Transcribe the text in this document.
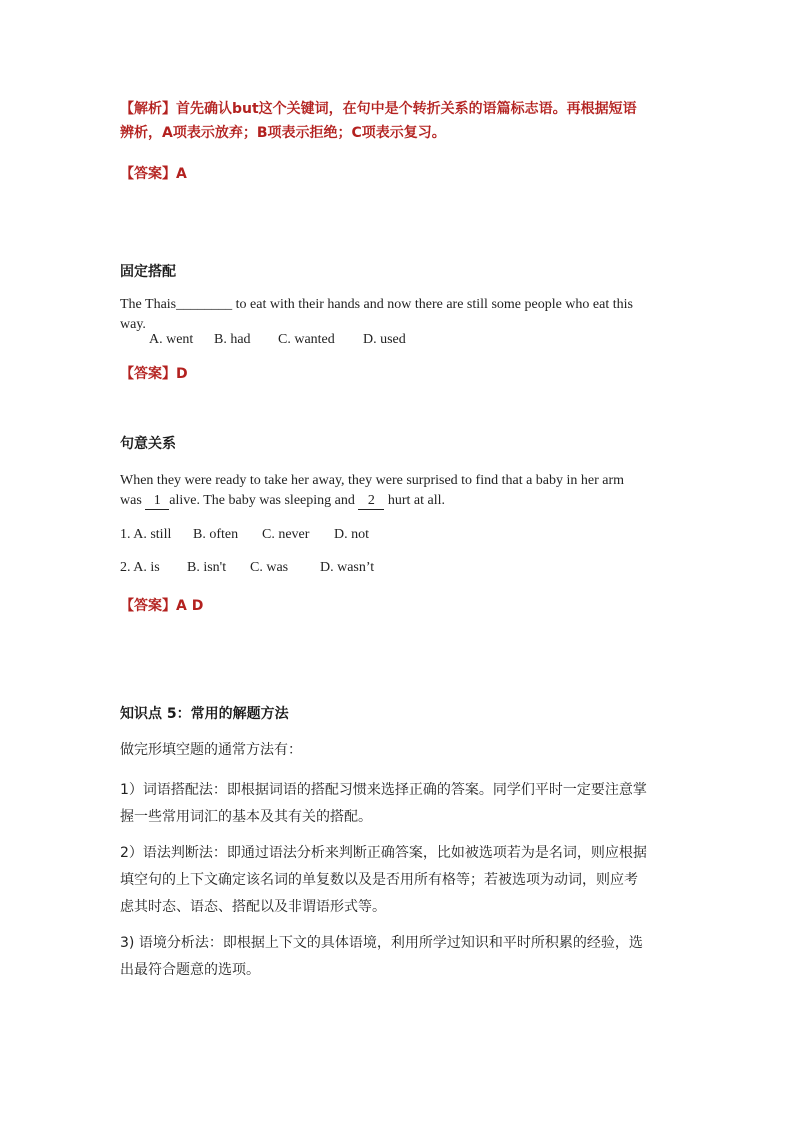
【解析】首先确认but这个关键词，在句中是个转折关系的语篇标志语。再根据短语
辨析，A项表示放弃；B项表示拒绝；C项表示复习。
【答案】A
固定搭配
The Thais________ to eat with their hands and now there are still some people who eat this
way.
A. went B. had C. wanted D. used
【答案】D
句意关系
When they were ready to take her away, they were surprised to find that a baby in her arm
was 1 alive. The baby was sleeping and 2 hurt at all.
1. A. still B. often C. never D. not
2. A. is B. isn't C. was D. wasn’t
【答案】A D
知识点 5：常用的解题方法
做完形填空题的通常方法有：
1）词语搭配法：即根据词语的搭配习惯来选择正确的答案。同学们平时一定要注意掌
握一些常用词汇的基本及其有关的搭配。
2）语法判断法：即通过语法分析来判断正确答案，比如被选项若为是名词，则应根据
填空句的上下文确定该名词的单复数以及是否用所有格等；若被选项为动词，则应考
虑其时态、语态、搭配以及非谓语形式等。
3) 语境分析法：即根据上下文的具体语境，利用所学过知识和平时所积累的经验，选
出最符合题意的选项。
